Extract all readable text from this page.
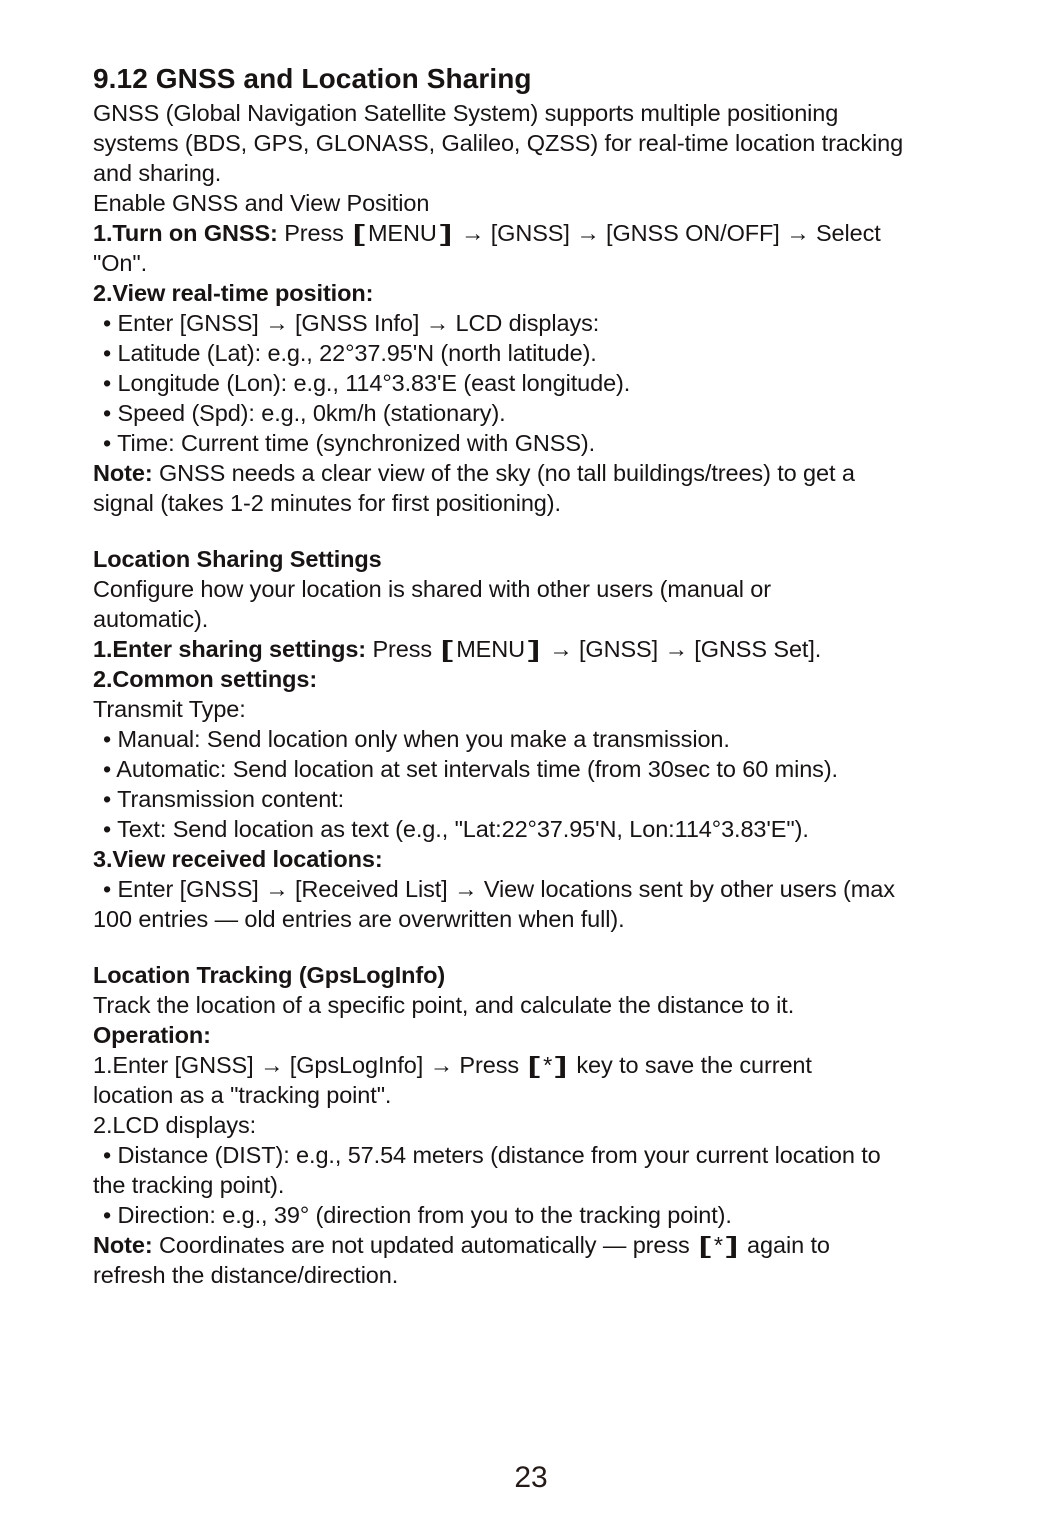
9.12 GNSS and Location Sharing
GNSS (Global Navigation Satellite System) supports multiple positioning
systems (BDS, GPS, GLONASS, Galileo, QZSS) for real-time location tracking
and sharing.
Enable GNSS and View Position
1.Turn on GNSS: Press [ MENU ] → [GNSS] → [GNSS ON/OFF] → Select
"On".
2.View real-time position:
• Enter [GNSS] → [GNSS Info] → LCD displays:
• Latitude (Lat): e.g., 22°37.95'N (north latitude).
• Longitude (Lon): e.g., 114°3.83'E (east longitude).
• Speed (Spd): e.g., 0km/h (stationary).
• Time: Current time (synchronized with GNSS).
Note: GNSS needs a clear view of the sky (no tall buildings/trees) to get a
signal (takes 1-2 minutes for first positioning).
Location Sharing Settings
Configure how your location is shared with other users (manual or
automatic).
1.Enter sharing settings: Press [ MENU ] → [GNSS] → [GNSS Set].
2.Common settings:
Transmit Type:
• Manual: Send location only when you make a transmission.
• Automatic: Send location at set intervals time (from 30sec to 60 mins).
• Transmission content:
• Text: Send location as text (e.g., "Lat:22°37.95'N, Lon:114°3.83'E").
3.View received locations:
• Enter [GNSS] → [Received List] → View locations sent by other users (max
100 entries — old entries are overwritten when full).
Location Tracking (GpsLogInfo)
Track the location of a specific point, and calculate the distance to it.
Operation:
1.Enter [GNSS] → [GpsLogInfo] → Press [ * ] key to save the current
location as a "tracking point".
2.LCD displays:
• Distance (DIST): e.g., 57.54 meters (distance from your current location to
the tracking point).
• Direction: e.g., 39° (direction from you to the tracking point).
Note: Coordinates are not updated automatically — press [ * ] again to
refresh the distance/direction.
23
